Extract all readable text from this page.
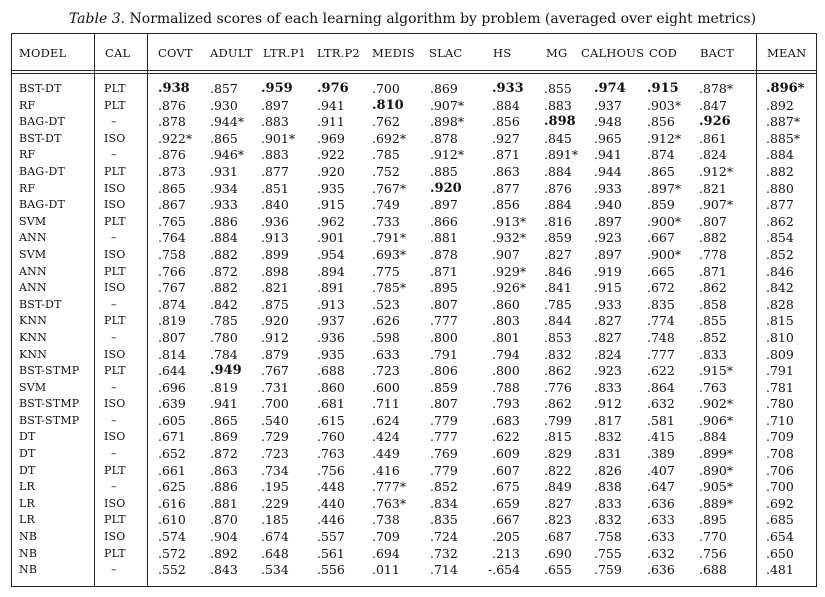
Table 3. Normalized scores of each learning algorithm by problem (averaged over eight metrics)
MODEL	CAL COVT ADULT LTR.P1 LTR.P2 MEDIS SLAC	HS	MG CALHOUS COD BACT	MEAN
BST-DT	PLT .938 .857 .959 .976 .700 .869	.933 .855 .974 .915 .878*	.896*
RF	PLT	.876 .930 .897 .941 .810 .907* .884 .883 .937 .903* .847	.892
BAG-DT	–	.878 .944* .883 .911 .762 .898* .856 .898 .948 .856 .926	.887*
BST-DT	ISO	.922* .865 .901* .969 .692* .878	.927 .845 .965 .912* .861	.885*
RF	–	.876 .946* .883 .922 .785 .912* .871 .891* .941 .874 .824	.884
BAG-DT	PLT	.873 .931 .877 .920 .752 .885	.863 .884 .944 .865 .912*	.882
RF	ISO	.865 .934 .851 .935 .767* .920 .877 .876 .933 .897* .821	.880
BAG-DT	ISO	.867 .933 .840 .915 .749 .897	.856 .884 .940 .859 .907*	.877
SVM	PLT	.765 .886 .936 .962 .733 .866	.913* .816 .897 .900* .807	.862
ANN	–	.764 .884 .913 .901 .791* .881	.932* .859 .923 .667 .882	.854
SVM	ISO	.758 .882 .899 .954 .693* .878	.907 .827 .897 .900* .778	.852
ANN	PLT	.766 .872 .898 .894 .775 .871	.929* .846 .919 .665 .871	.846
ANN	ISO	.767 .882 .821 .891 .785* .895	.926* .841 .915 .672 .862	.842
BST-DT	–	.874 .842 .875 .913 .523 .807	.860 .785 .933 .835 .858	.828
KNN	PLT	.819 .785 .920 .937 .626 .777	.803 .844 .827 .774 .855	.815
KNN	–	.807 .780 .912 .936 .598 .800	.801 .853 .827 .748 .852	.810
KNN	ISO	.814 .784 .879 .935 .633 .791	.794 .832 .824 .777 .833	.809
BST-STMP PLT	.644 .949 .767 .688 .723 .806	.800 .862 .923 .622 .915*	.791
SVM	–	.696 .819 .731 .860 .600 .859	.788 .776 .833 .864 .763	.781
BST-STMP ISO	.639 .941 .700 .681 .711 .807	.793 .862 .912 .632 .902*	.780
BST-STMP	–	.605 .865 .540 .615 .624 .779	.683 .799 .817 .581 .906*	.710
DT	ISO	.671 .869 .729 .760 .424 .777	.622 .815 .832 .415 .884	.709
DT	–	.652 .872 .723 .763 .449 .769	.609 .829 .831 .389 .899*	.708
DT	PLT	.661 .863 .734 .756 .416 .779	.607 .822 .826 .407 .890*	.706
LR	–	.625 .886 .195 .448 .777* .852	.675 .849 .838 .647 .905*	.700
LR	ISO	.616 .881 .229 .440 .763* .834	.659 .827 .833 .636 .889*	.692
LR	PLT	.610 .870 .185 .446 .738 .835	.667 .823 .832 .633 .895	.685
NB	ISO	.574 .904 .674 .557 .709 .724	.205 .687 .758 .633 .770	.654
NB	PLT	.572 .892 .648 .561 .694 .732	.213 .690 .755 .632 .756	.650
NB	–	.552 .843 .534 .556 .011 .714 -.654 .655 .759 .636 .688	.481
